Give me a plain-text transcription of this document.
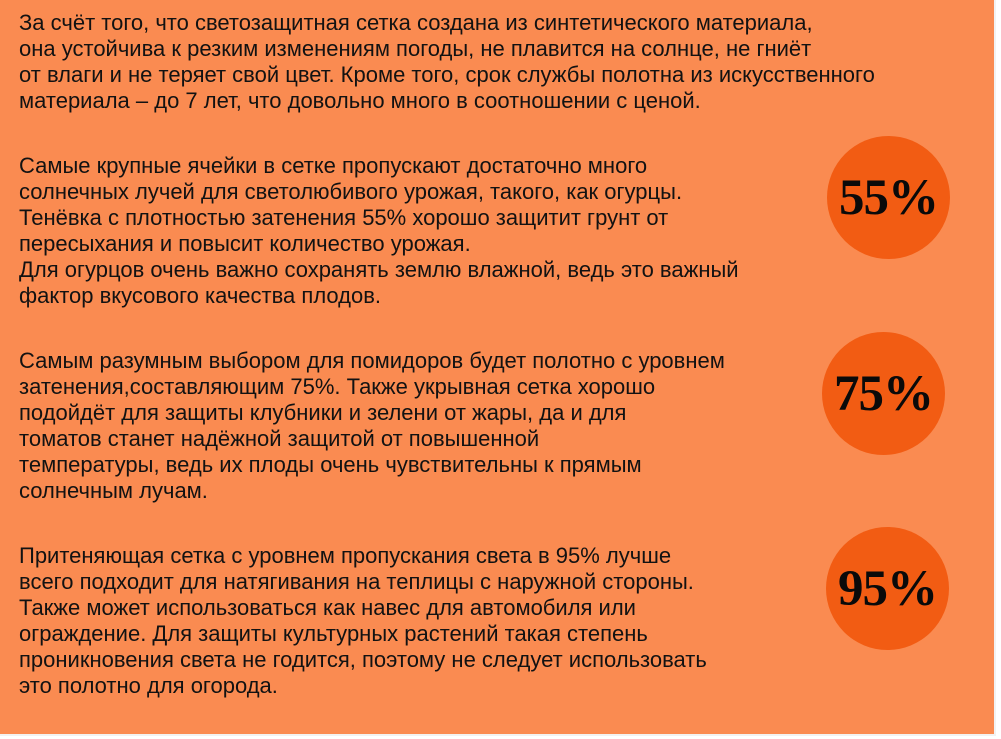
За счёт того, что светозащитная сетка создана из синтетического материала,
она устойчива к резким изменениям погоды, не плавится на солнце, не гниёт
от влаги и не теряет свой цвет. Кроме того, срок службы полотна из искусственного
материала – до 7 лет, что довольно много в соотношении с ценой.

Самые крупные ячейки в сетке пропускают достаточно много
солнечных лучей для светолюбивого урожая, такого, как огурцы.
Тенёвка с плотностью затенения 55% хорошо защитит грунт от
пересыхания и повысит количество урожая.
Для огурцов очень важно сохранять землю влажной, ведь это важный
фактор вкусового качества плодов.

Самым разумным выбором для помидоров будет полотно с уровнем
затенения,составляющим 75%. Также укрывная сетка хорошо
подойдёт для защиты клубники и зелени от жары, да и для
томатов станет надёжной защитой от повышенной
температуры, ведь их плоды очень чувствительны к прямым
солнечным лучам.

Притеняющая сетка с уровнем пропускания света в 95% лучше
всего подходит для натягивания на теплицы с наружной стороны.
Также может использоваться как навес для автомобиля или
ограждение. Для защиты культурных растений такая степень
проникновения света не годится, поэтому не следует использовать
это полотно для огорода.

55%
75%
95%
